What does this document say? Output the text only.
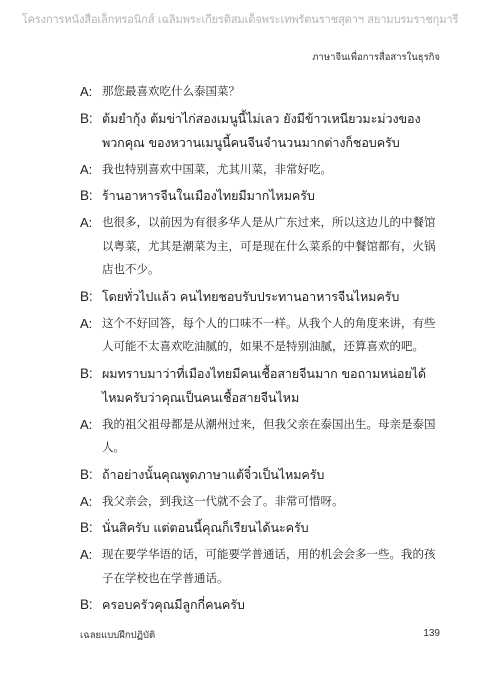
โครงการหนังสือเล็กทรอนิกส์ เฉลิมพระเกียรติสมเด็จพระเทพรัตนราชสุดาฯ สยามบรมราชกุมารี
ภาษาจีนเพื่อการสื่อสารในธุรกิจ
A: 那您最喜欢吃什么泰国菜？
B: ต้มยำกุ้ง ต้มข่าไก่สองเมนูนี้ไม่เลว ยังมีข้าวเหนียวมะม่วงของพวกคุณ ของหวานเมนูนี้คนจีนจำนวนมากต่างก็ชอบครับ
A: 我也特别喜欢中国菜，尤其川菜，非常好吃。
B: ร้านอาหารจีนในเมืองไทยมีมากไหมครับ
A: 也很多，以前因为有很多华人是从广东过来，所以这边儿的中餐馆以粤菜，尤其是潮菜为主，可是现在什么菜系的中餐馆都有，火锅店也不少。
B: โดยทั่วไปแล้ว คนไทยชอบรับประทานอาหารจีนไหมครับ
A: 这个不好回答，每个人的口味不一样。从我个人的角度来讲，有些人可能不太喜欢吃油腻的，如果不是特别油腻，还算喜欢的吧。
B: ผมทราบมาว่าที่เมืองไทยมีคนเชื้อสายจีนมาก ขอถามหน่อยได้ไหมครับว่าคุณเป็นคนเชื้อสายจีนไหม
A: 我的祖父祖母都是从潮州过来，但我父亲在泰国出生。母亲是泰国人。
B: ถ้าอย่างนั้นคุณพูดภาษาแต้จิ๋วเป็นไหมครับ
A: 我父亲会，到我这一代就不会了。非常可惜呀。
B: นั่นสิครับ แต่ตอนนี้คุณก็เรียนได้นะครับ
A: 现在要学华语的话，可能要学普通话，用的机会会多一些。我的孩子在学校也在学普通话。
B: ครอบครัวคุณมีลูกกี่คนครับ
เฉลยแบบฝึกปฏิบัติ	139
